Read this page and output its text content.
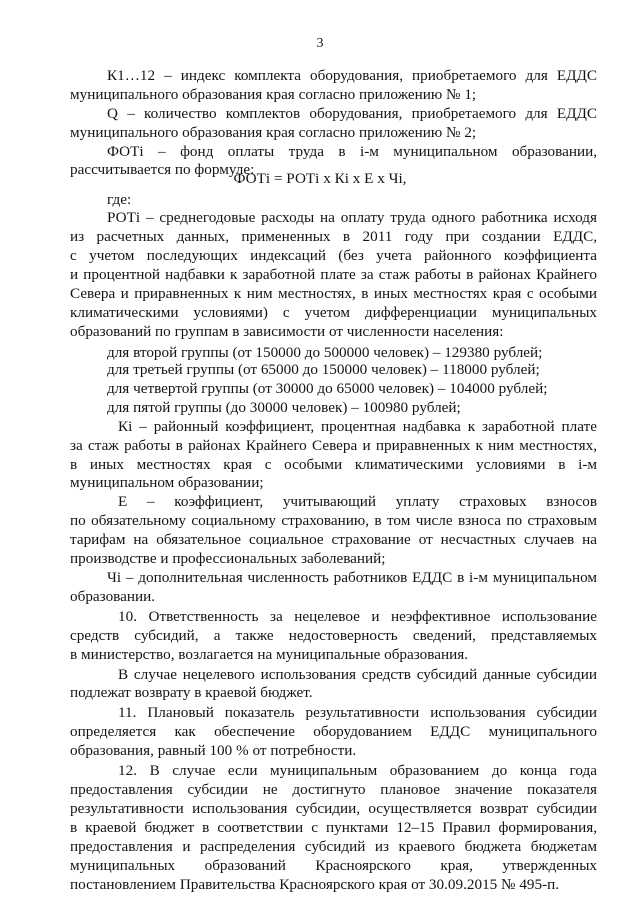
3
К1…12 – индекс комплекта оборудования, приобретаемого для ЕДДС
муниципального образования края согласно приложению № 1;
Q – количество комплектов оборудования, приобретаемого для ЕДДС
муниципального образования края согласно приложению № 2;
ФОТi – фонд оплаты труда в i-м муниципальном образовании,
рассчитывается по формуле:
ФОТi = РОТi х Кi х Е х Чi,
где:
РОТi – среднегодовые расходы на оплату труда одного работника исходя
из расчетных данных, примененных в 2011 году при создании ЕДДС,
с учетом последующих индексаций (без учета районного коэффициента
и процентной надбавки к заработной плате за стаж работы в районах Крайнего
Севера и приравненных к ним местностях, в иных местностях края с особыми
климатическими условиями) с учетом дифференциации муниципальных
образований по группам в зависимости от численности населения:
для второй группы (от 150000 до 500000 человек) – 129380 рублей;
для третьей группы (от 65000 до 150000 человек) – 118000 рублей;
для четвертой группы (от 30000 до 65000 человек) – 104000 рублей;
для пятой группы (до 30000 человек) – 100980 рублей;
Кi – районный коэффициент, процентная надбавка к заработной плате
за стаж работы в районах Крайнего Севера и приравненных к ним местностях,
в иных местностях края с особыми климатическими условиями в i-м
муниципальном образовании;
Е – коэффициент, учитывающий уплату страховых взносов
по обязательному социальному страхованию, в том числе взноса по страховым
тарифам на обязательное социальное страхование от несчастных случаев на
производстве и профессиональных заболеваний;
Чi – дополнительная численность работников ЕДДС в i-м муниципальном
образовании.
10. Ответственность за нецелевое и неэффективное использование
средств субсидий, а также недостоверность сведений, представляемых
в министерство, возлагается на муниципальные образования.
В случае нецелевого использования средств субсидий данные субсидии
подлежат возврату в краевой бюджет.
11. Плановый показатель результативности использования субсидии
определяется как обеспечение оборудованием ЕДДС муниципального
образования, равный 100 % от потребности.
12. В случае если муниципальным образованием до конца года
предоставления субсидии не достигнуто плановое значение показателя
результативности использования субсидии, осуществляется возврат субсидии
в краевой бюджет в соответствии с пунктами 12–15 Правил формирования,
предоставления и распределения субсидий из краевого бюджета бюджетам
муниципальных образований Красноярского края, утвержденных
постановлением Правительства Красноярского края от 30.09.2015 № 495-п.
